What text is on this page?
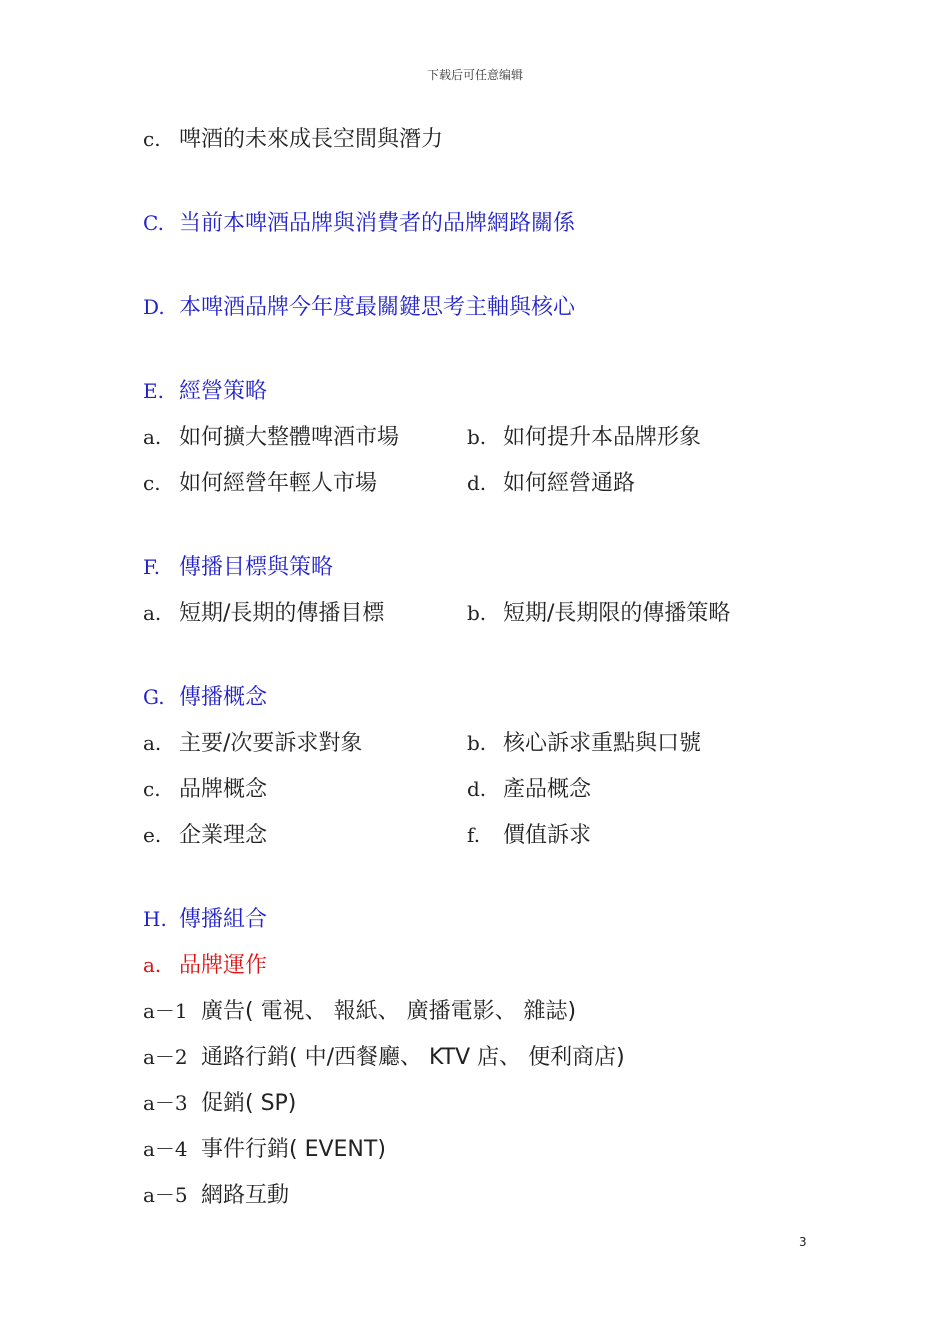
下载后可任意编辑
c. 啤酒的未來成長空間與潛力
C. 当前本啤酒品牌與消費者的品牌網路關係
D. 本啤酒品牌今年度最關鍵思考主軸與核心
E. 經營策略
a. 如何擴大整體啤酒市場	b. 如何提升本品牌形象
c. 如何經營年輕人市場	d. 如何經營通路
F. 傳播目標與策略
a. 短期/長期的傳播目標	b. 短期/長期限的傳播策略
G. 傳播概念
a. 主要/次要訴求對象	b. 核心訴求重點與口號
c. 品牌概念	d. 產品概念
e. 企業理念	f. 價值訴求
H. 傳播組合
a. 品牌運作
a－1 廣告( 電視、 報紙、 廣播電影、 雜誌)
a－2 通路行銷( 中/西餐廳、 KTV 店、 便利商店)
a－3 促銷( SP)
a－4 事件行銷( EVENT)
a－5 網路互動
3
